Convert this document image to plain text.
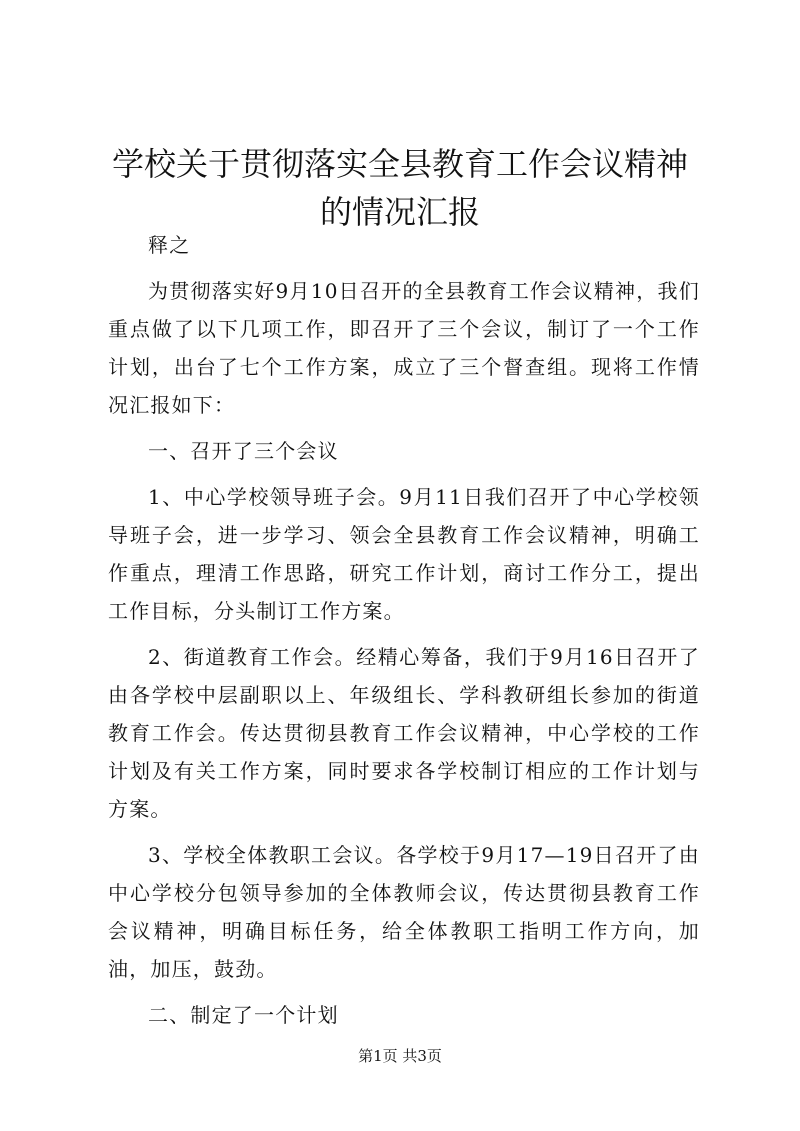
学校关于贯彻落实全县教育工作会议精神的情况汇报

释之

为贯彻落实好9月10日召开的全县教育工作会议精神，我们重点做了以下几项工作，即召开了三个会议，制订了一个工作计划，出台了七个工作方案，成立了三个督查组。现将工作情况汇报如下：

一、召开了三个会议

1、中心学校领导班子会。9月11日我们召开了中心学校领导班子会，进一步学习、领会全县教育工作会议精神，明确工作重点，理清工作思路，研究工作计划，商讨工作分工，提出工作目标，分头制订工作方案。

2、街道教育工作会。经精心筹备，我们于9月16日召开了由各学校中层副职以上、年级组长、学科教研组长参加的街道教育工作会。传达贯彻县教育工作会议精神，中心学校的工作计划及有关工作方案，同时要求各学校制订相应的工作计划与方案。

3、学校全体教职工会议。各学校于9月17—19日召开了由中心学校分包领导参加的全体教师会议，传达贯彻县教育工作会议精神，明确目标任务，给全体教职工指明工作方向，加油，加压，鼓劲。

二、制定了一个计划

第1页 共3页
